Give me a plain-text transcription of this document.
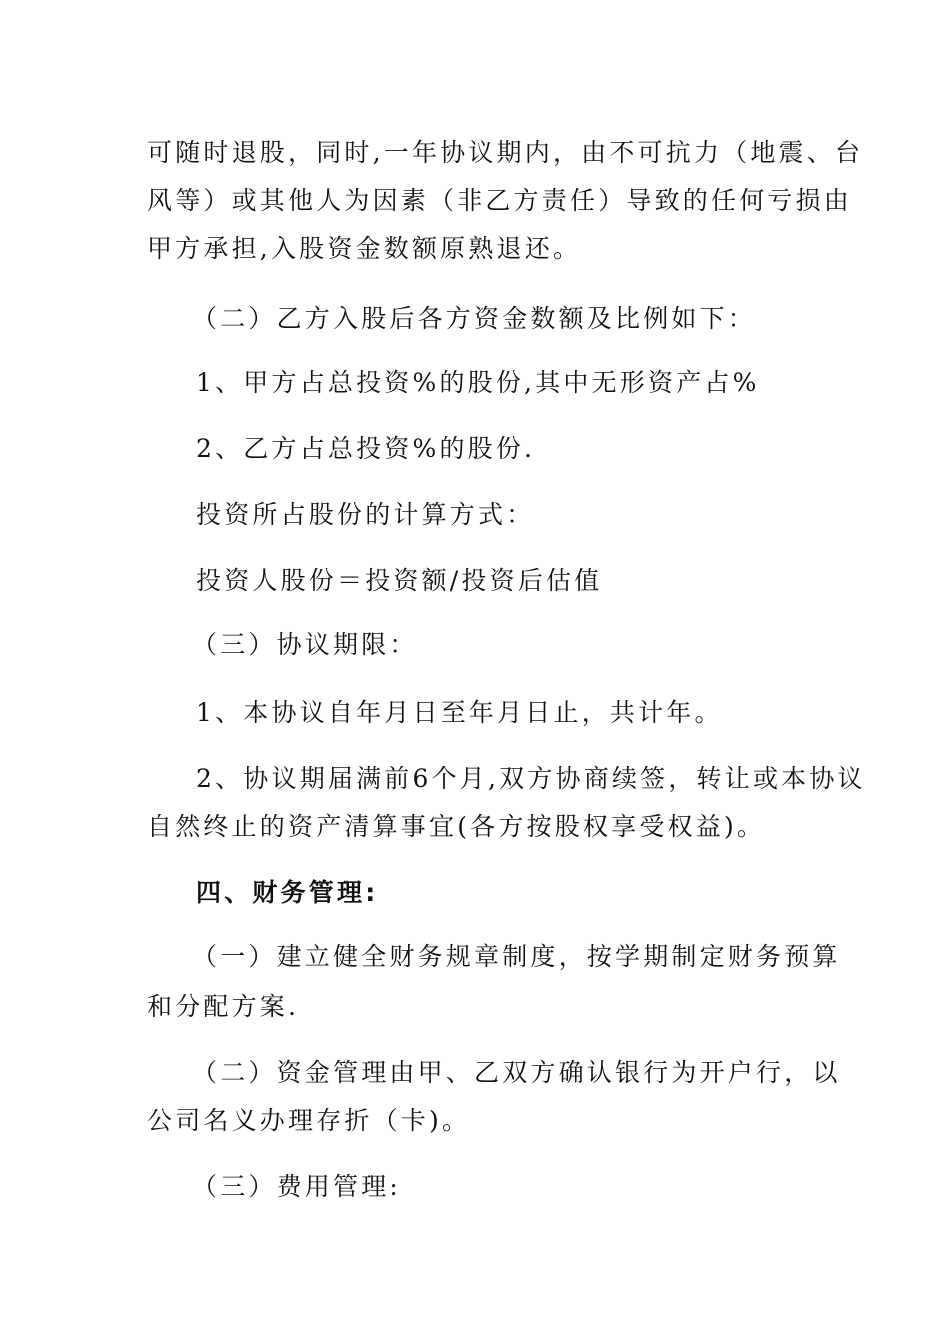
可随时退股，同时,一年协议期内，由不可抗力（地震、台
风等）或其他人为因素（非乙方责任）导致的任何亏损由
甲方承担,入股资金数额原熟退还。
（二）乙方入股后各方资金数额及比例如下：
1、甲方占总投资%的股份,其中无形资产占%
2、乙方占总投资%的股份.
投资所占股份的计算方式：
投资人股份＝投资额/投资后估值
（三）协议期限：
1、本协议自年月日至年月日止，共计年。
2、协议期届满前6个月,双方协商续签，转让或本协议
自然终止的资产清算事宜(各方按股权享受权益)。
四、财务管理:
（一）建立健全财务规章制度，按学期制定财务预算
和分配方案.
（二）资金管理由甲、乙双方确认银行为开户行，以
公司名义办理存折（卡)。
（三）费用管理:
